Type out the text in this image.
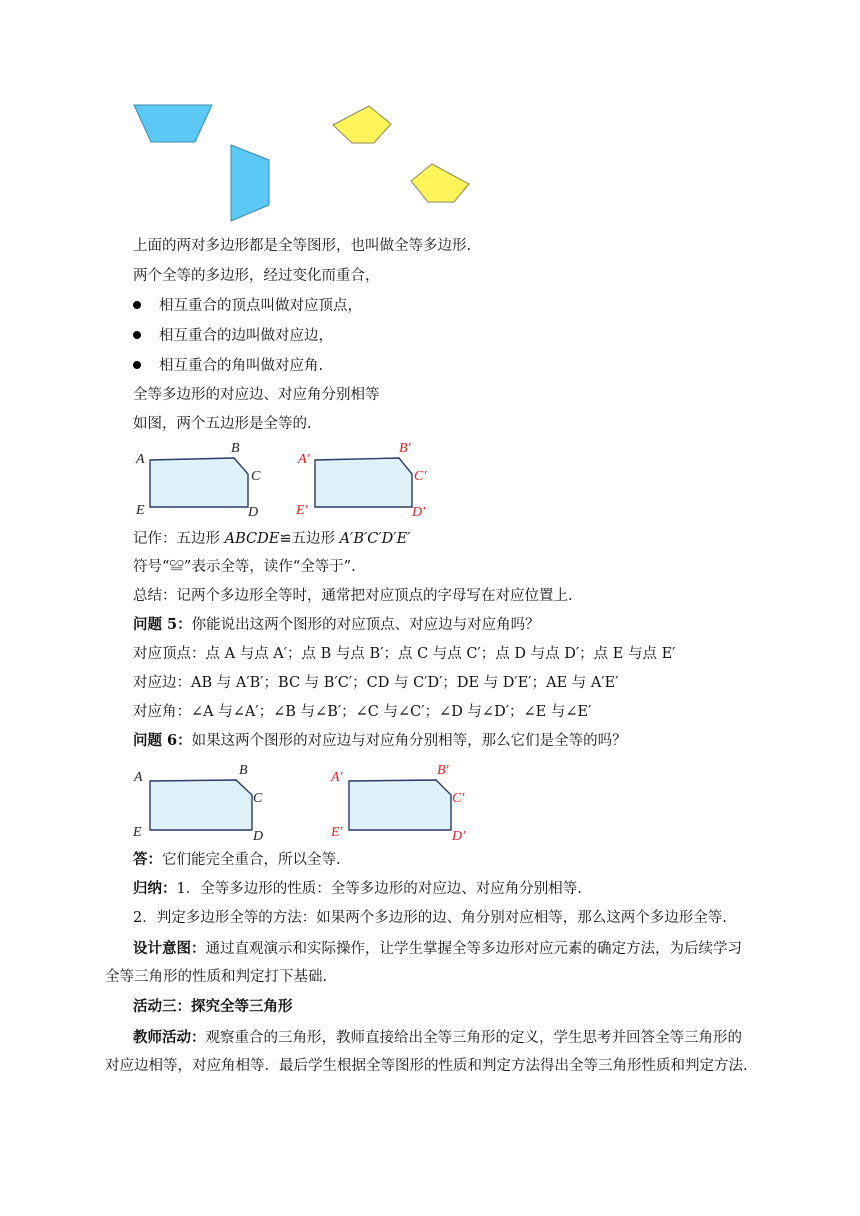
上面的两对多边形都是全等图形，也叫做全等多边形.
两个全等的多边形，经过变化而重合，
相互重合的顶点叫做对应顶点，
相互重合的边叫做对应边，
相互重合的角叫做对应角.
全等多边形的对应边、对应角分别相等
如图，两个五边形是全等的.
A
B
C
D
E
A′
B′
C′
D′
E′
记作：五边形 ABCDE≌五边形 A′B′C′D′E′
符号“≌”表示全等，读作“全等于”.
总结：记两个多边形全等时，通常把对应顶点的字母写在对应位置上.
问题 5：你能说出这两个图形的对应顶点、对应边与对应角吗？
对应顶点：点 A 与点 A′；点 B 与点 B′；点 C 与点 C′；点 D 与点 D′；点 E 与点 E′
对应边：AB 与 A′B′；BC 与 B′C′；CD 与 C′D′；DE 与 D′E′；AE 与 A′E′
对应角：∠A 与∠A′；∠B 与∠B′；∠C 与∠C′；∠D 与∠D′；∠E 与∠E′
问题 6：如果这两个图形的对应边与对应角分别相等，那么它们是全等的吗？
A	B
C
D
E
A′	B′
C′
D′
E′
答：它们能完全重合，所以全等.
归纳：1．全等多边形的性质：全等多边形的对应边、对应角分别相等.
2．判定多边形全等的方法：如果两个多边形的边、角分别对应相等，那么这两个多边形全等.
设计意图：通过直观演示和实际操作，让学生掌握全等多边形对应元素的确定方法，为后续学习全等三角形的性质和判定打下基础.
活动三：探究全等三角形
教师活动：观察重合的三角形，教师直接给出全等三角形的定义，学生思考并回答全等三角形的对应边相等，对应角相等．最后学生根据全等图形的性质和判定方法得出全等三角形性质和判定方法.
